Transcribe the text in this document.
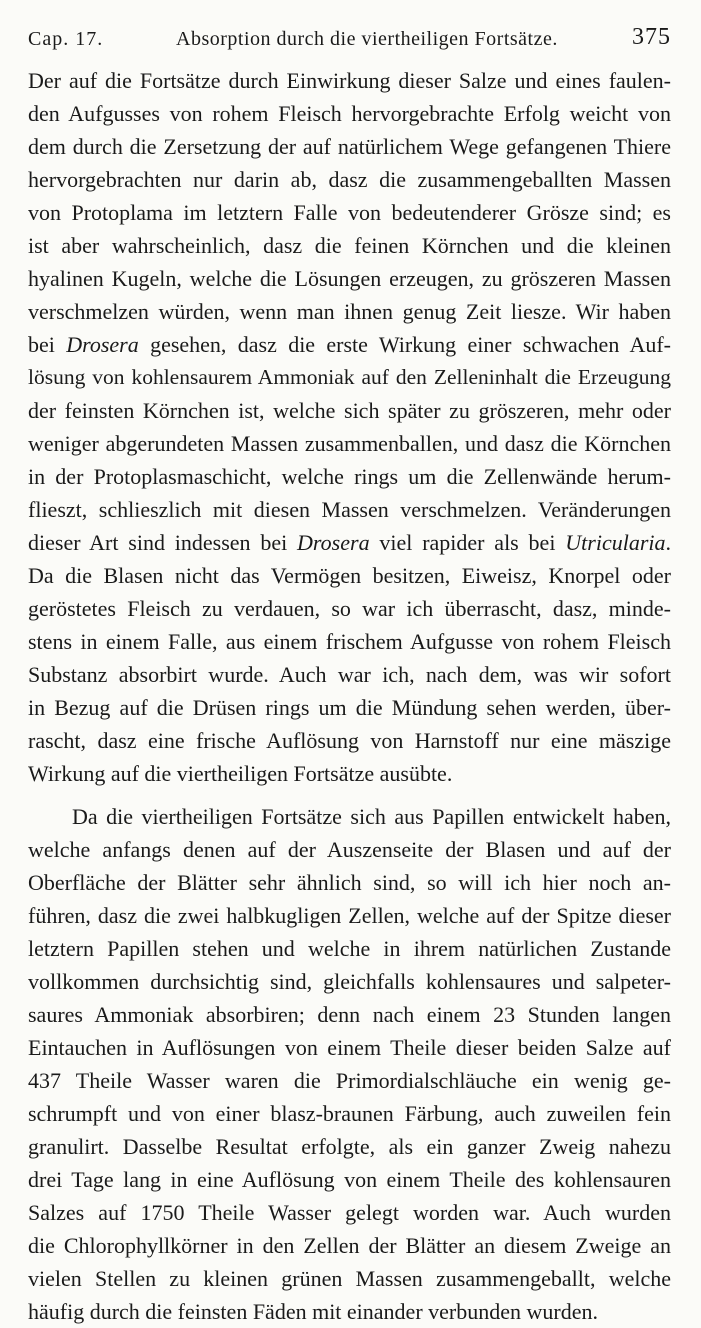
Cap. 17.	Absorption durch die viertheiligen Fortsätze.	375
Der auf die Fortsätze durch Einwirkung dieser Salze und eines faulen-
den Aufgusses von rohem Fleisch hervorgebrachte Erfolg weicht von
dem durch die Zersetzung der auf natürlichem Wege gefangenen Thiere
hervorgebrachten nur darin ab, dasz die zusammengeballten Massen
von Protoplama im letztern Falle von bedeutenderer Grösze sind; es
ist aber wahrscheinlich, dasz die feinen Körnchen und die kleinen
hyalinen Kugeln, welche die Lösungen erzeugen, zu gröszeren Massen
verschmelzen würden, wenn man ihnen genug Zeit liesze. Wir haben
bei Drosera gesehen, dasz die erste Wirkung einer schwachen Auf-
lösung von kohlensaurem Ammoniak auf den Zelleninhalt die Erzeugung
der feinsten Körnchen ist, welche sich später zu gröszeren, mehr oder
weniger abgerundeten Massen zusammenballen, und dasz die Körnchen
in der Protoplasmaschicht, welche rings um die Zellenwände herum-
flieszt, schlieszlich mit diesen Massen verschmelzen. Veränderungen
dieser Art sind indessen bei Drosera viel rapider als bei Utricularia.
Da die Blasen nicht das Vermögen besitzen, Eiweisz, Knorpel oder
geröstetes Fleisch zu verdauen, so war ich überrascht, dasz, minde-
stens in einem Falle, aus einem frischem Aufgusse von rohem Fleisch
Substanz absorbirt wurde. Auch war ich, nach dem, was wir sofort
in Bezug auf die Drüsen rings um die Mündung sehen werden, über-
rascht, dasz eine frische Auflösung von Harnstoff nur eine mäszige
Wirkung auf die viertheiligen Fortsätze ausübte.
Da die viertheiligen Fortsätze sich aus Papillen entwickelt haben,
welche anfangs denen auf der Auszenseite der Blasen und auf der
Oberfläche der Blätter sehr ähnlich sind, so will ich hier noch an-
führen, dasz die zwei halbkugligen Zellen, welche auf der Spitze dieser
letztern Papillen stehen und welche in ihrem natürlichen Zustande
vollkommen durchsichtig sind, gleichfalls kohlensaures und salpeter-
saures Ammoniak absorbiren; denn nach einem 23 Stunden langen
Eintauchen in Auflösungen von einem Theile dieser beiden Salze auf
437 Theile Wasser waren die Primordialschläuche ein wenig ge-
schrumpft und von einer blasz-braunen Färbung, auch zuweilen fein
granulirt. Dasselbe Resultat erfolgte, als ein ganzer Zweig nahezu
drei Tage lang in eine Auflösung von einem Theile des kohlensauren
Salzes auf 1750 Theile Wasser gelegt worden war. Auch wurden
die Chlorophyllkörner in den Zellen der Blätter an diesem Zweige an
vielen Stellen zu kleinen grünen Massen zusammengeballt, welche
häufig durch die feinsten Fäden mit einander verbunden wurden.
